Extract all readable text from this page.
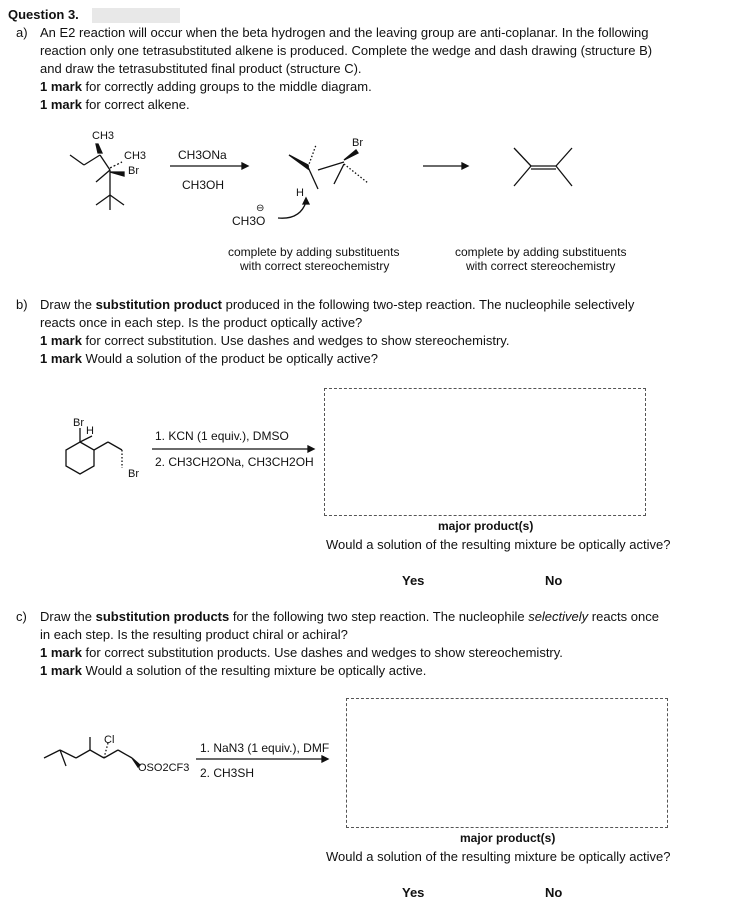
Question 3.
a) An E2 reaction will occur when the beta hydrogen and the leaving group are anti-coplanar. In the following
reaction only one tetrasubstituted alkene is produced. Complete the wedge and dash drawing (structure B)
and draw the tetrasubstituted final product (structure C).
1 mark for correctly adding groups to the middle diagram.
1 mark for correct alkene.
CH3
CH3
Br
CH3ONa
CH3OH
Br
H
CH3O
⊖
complete by adding substituents
with correct stereochemistry
complete by adding substituents
with correct stereochemistry
b) Draw the substitution product produced in the following two-step reaction. The nucleophile selectively
reacts once in each step. Is the product optically active?
1 mark for correct substitution. Use dashes and wedges to show stereochemistry.
1 mark Would a solution of the product be optically active?
Br
H
Br
1. KCN (1 equiv.), DMSO
2. CH3CH2ONa, CH3CH2OH
major product(s)
Would a solution of the resulting mixture be optically active?
Yes	No
c) Draw the substitution products for the following two step reaction. The nucleophile selectively reacts once
in each step. Is the resulting product chiral or achiral?
1 mark for correct substitution products. Use dashes and wedges to show stereochemistry.
1 mark Would a solution of the resulting mixture be optically active.
Cl
OSO2CF3
1. NaN3 (1 equiv.), DMF
2. CH3SH
major product(s)
Would a solution of the resulting mixture be optically active?
Yes	No
